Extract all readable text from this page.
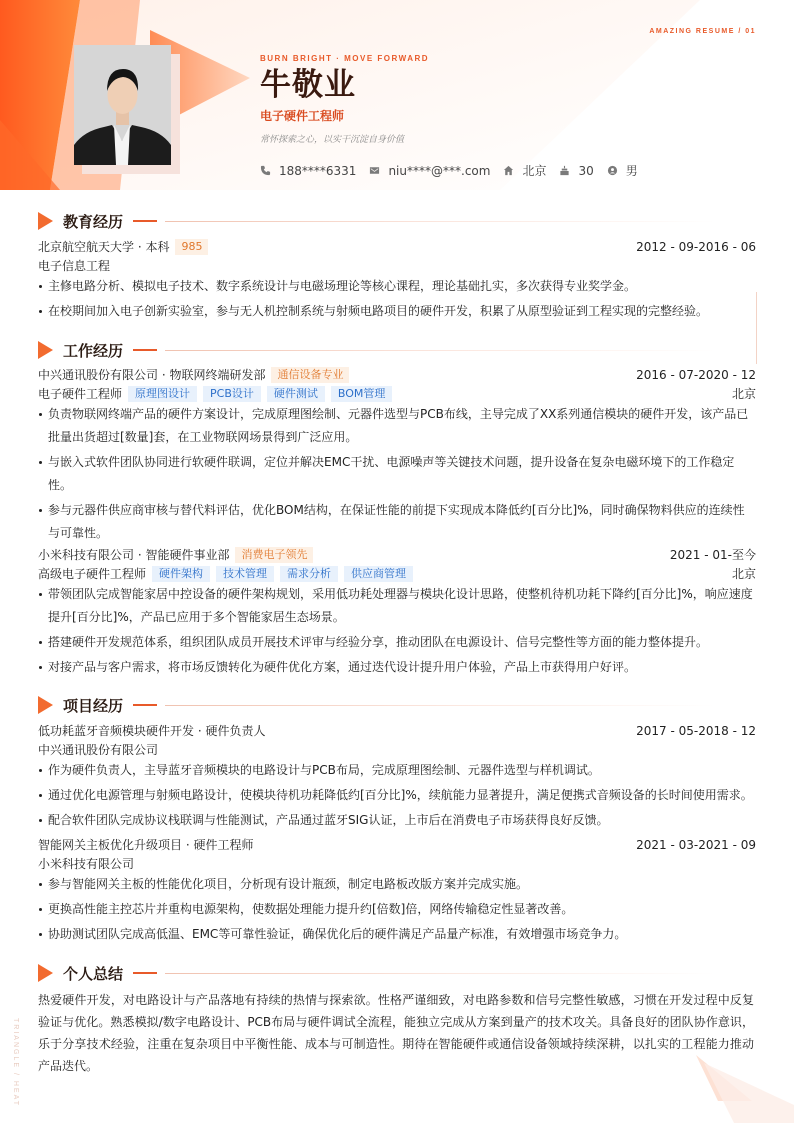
AMAZING RESUME / 01
TRIANGLE / HEAT
BURN BRIGHT · MOVE FORWARD
牛敬业
电子硬件工程师
常怀探索之心，以实干沉淀自身价值
188****6331	niu****@***.com	北京	30	男
教育经历
北京航空航天大学 · 本科	985	2012 - 09-2016 - 06
电子信息工程
主修电路分析、模拟电子技术、数字系统设计与电磁场理论等核心课程，理论基础扎实，多次获得专业奖学金。
在校期间加入电子创新实验室，参与无人机控制系统与射频电路项目的硬件开发，积累了从原型验证到工程实现的完整经验。
工作经历
中兴通讯股份有限公司 · 物联网终端研发部	通信设备专业	2016 - 07-2020 - 12
电子硬件工程师	原理图设计	PCB设计	硬件测试	BOM管理	北京
负责物联网终端产品的硬件方案设计，完成原理图绘制、元器件选型与PCB布线，主导完成了XX系列通信模块的硬件开发，该产品已批量出货超过[数量]套，在工业物联网场景得到广泛应用。
与嵌入式软件团队协同进行软硬件联调，定位并解决EMC干扰、电源噪声等关键技术问题，提升设备在复杂电磁环境下的工作稳定性。
参与元器件供应商审核与替代料评估，优化BOM结构，在保证性能的前提下实现成本降低约[百分比]%，同时确保物料供应的连续性与可靠性。
小米科技有限公司 · 智能硬件事业部	消费电子领先	2021 - 01-至今
高级电子硬件工程师	硬件架构	技术管理	需求分析	供应商管理	北京
带领团队完成智能家居中控设备的硬件架构规划，采用低功耗处理器与模块化设计思路，使整机待机功耗下降约[百分比]%，响应速度提升[百分比]%，产品已应用于多个智能家居生态场景。
搭建硬件开发规范体系，组织团队成员开展技术评审与经验分享，推动团队在电源设计、信号完整性等方面的能力整体提升。
对接产品与客户需求，将市场反馈转化为硬件优化方案，通过迭代设计提升用户体验，产品上市获得用户好评。
项目经历
低功耗蓝牙音频模块硬件开发 · 硬件负责人	2017 - 05-2018 - 12
中兴通讯股份有限公司
作为硬件负责人，主导蓝牙音频模块的电路设计与PCB布局，完成原理图绘制、元器件选型与样机调试。
通过优化电源管理与射频电路设计，使模块待机功耗降低约[百分比]%，续航能力显著提升，满足便携式音频设备的长时间使用需求。
配合软件团队完成协议栈联调与性能测试，产品通过蓝牙SIG认证，上市后在消费电子市场获得良好反馈。
智能网关主板优化升级项目 · 硬件工程师	2021 - 03-2021 - 09
小米科技有限公司
参与智能网关主板的性能优化项目，分析现有设计瓶颈，制定电路板改版方案并完成实施。
更换高性能主控芯片并重构电源架构，使数据处理能力提升约[倍数]倍，网络传输稳定性显著改善。
协助测试团队完成高低温、EMC等可靠性验证，确保优化后的硬件满足产品量产标准，有效增强市场竞争力。
个人总结
热爱硬件开发，对电路设计与产品落地有持续的热情与探索欲。性格严谨细致，对电路参数和信号完整性敏感，习惯在开发过程中反复验证与优化。熟悉模拟/数字电路设计、PCB布局与硬件调试全流程，能独立完成从方案到量产的技术攻关。具备良好的团队协作意识，乐于分享技术经验，注重在复杂项目中平衡性能、成本与可制造性。期待在智能硬件或通信设备领域持续深耕，以扎实的工程能力推动产品迭代。
